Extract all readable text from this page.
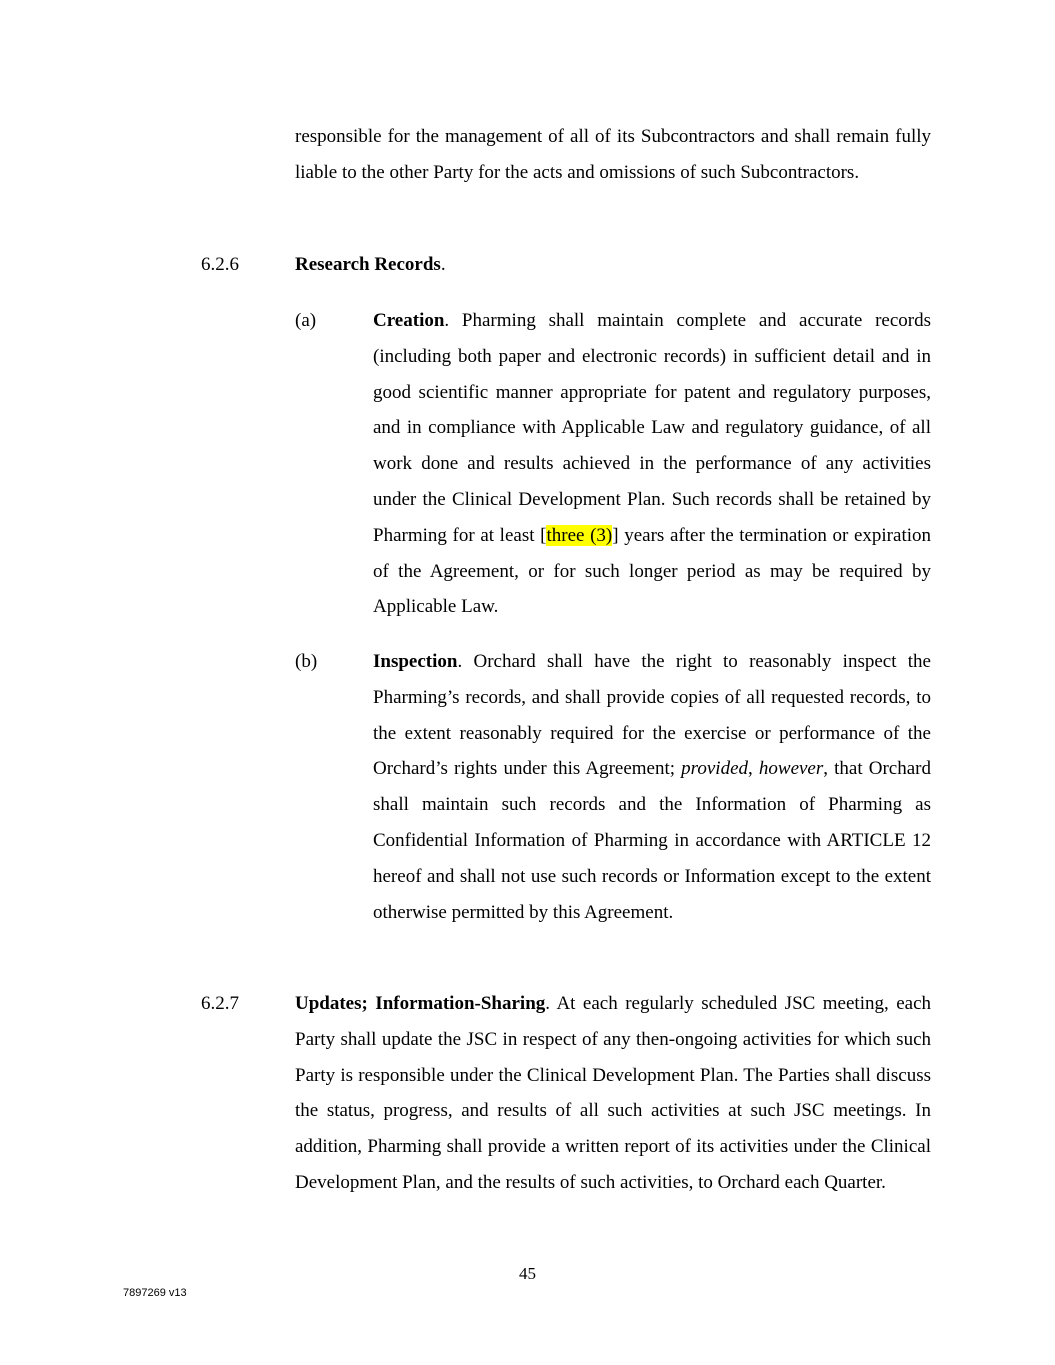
responsible for the management of all of its Subcontractors and shall remain fully liable to the other Party for the acts and omissions of such Subcontractors.

6.2.6	Research Records.

(a)	Creation. Pharming shall maintain complete and accurate records (including both paper and electronic records) in sufficient detail and in good scientific manner appropriate for patent and regulatory purposes, and in compliance with Applicable Law and regulatory guidance, of all work done and results achieved in the performance of any activities under the Clinical Development Plan. Such records shall be retained by Pharming for at least [three (3)] years after the termination or expiration of the Agreement, or for such longer period as may be required by Applicable Law.

(b)	Inspection. Orchard shall have the right to reasonably inspect the Pharming’s records, and shall provide copies of all requested records, to the extent reasonably required for the exercise or performance of the Orchard’s rights under this Agreement; provided, however, that Orchard shall maintain such records and the Information of Pharming as Confidential Information of Pharming in accordance with ARTICLE 12 hereof and shall not use such records or Information except to the extent otherwise permitted by this Agreement.

6.2.7	Updates; Information-Sharing. At each regularly scheduled JSC meeting, each Party shall update the JSC in respect of any then-ongoing activities for which such Party is responsible under the Clinical Development Plan. The Parties shall discuss the status, progress, and results of all such activities at such JSC meetings. In addition, Pharming shall provide a written report of its activities under the Clinical Development Plan, and the results of such activities, to Orchard each Quarter.

45
7897269 v13
